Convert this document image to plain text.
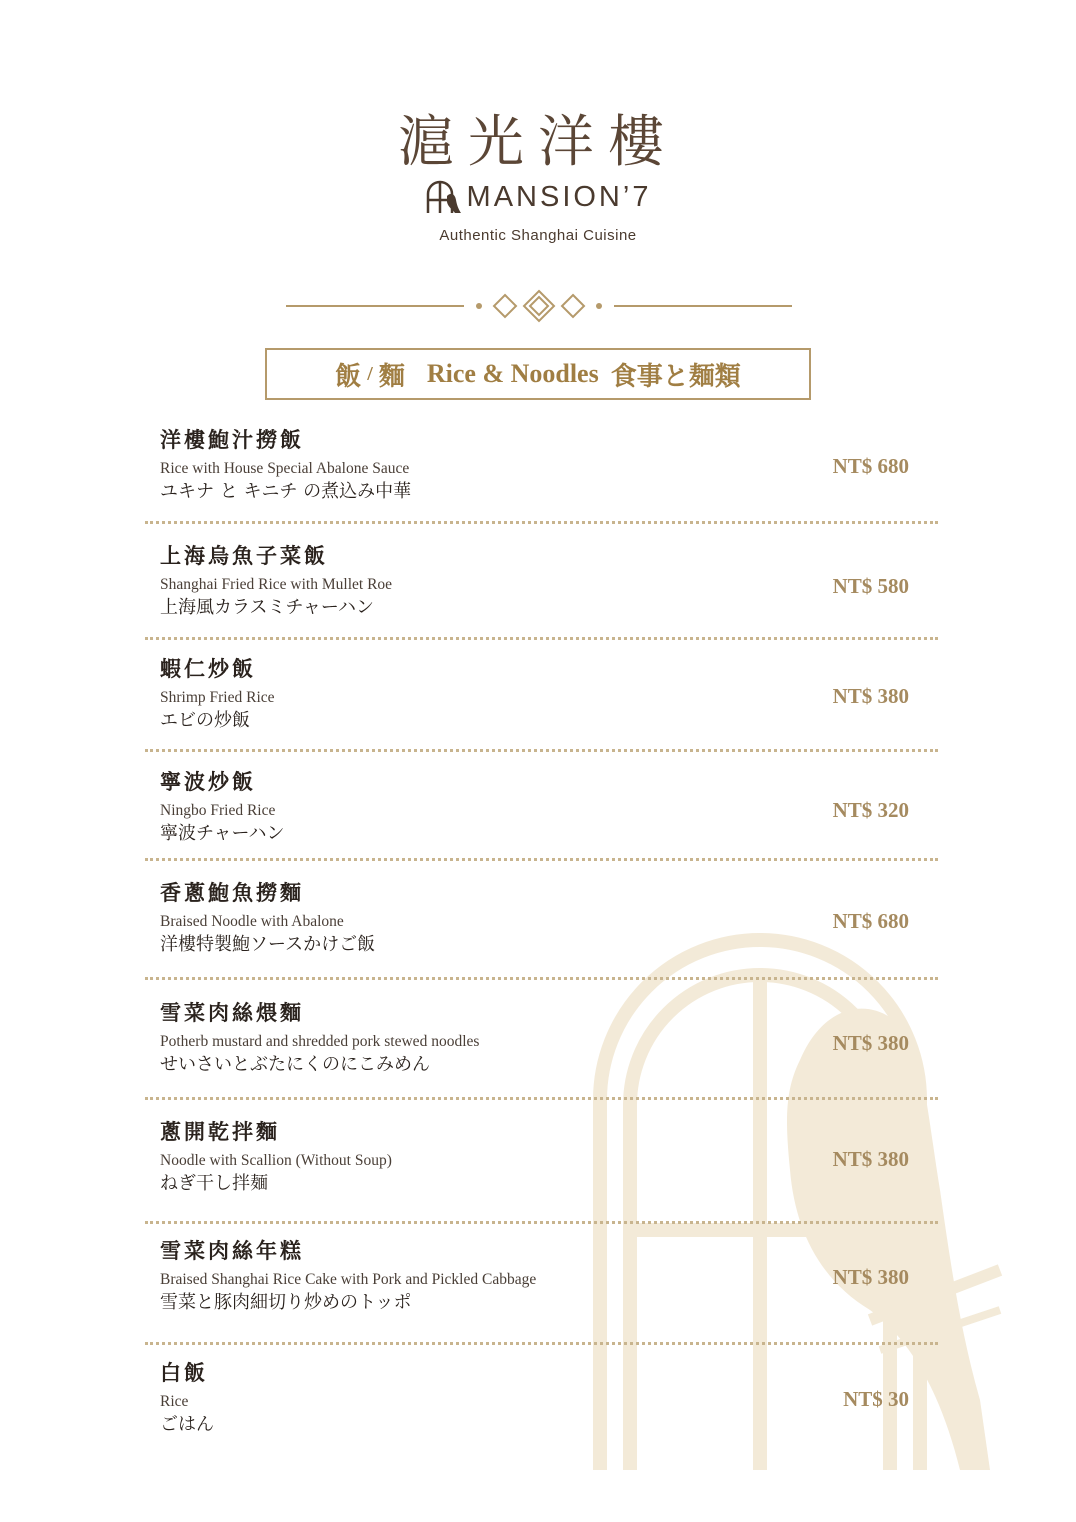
滬光洋樓
MANSION’7
Authentic Shanghai Cuisine
飯 / 麵 Rice & Noodles 食事と麺類
洋樓鮑汁撈飯
Rice with House Special Abalone Sauce
ユキナ と キニチ の煮込み中華
NT$ 680
上海烏魚子菜飯
Shanghai Fried Rice with Mullet Roe
上海風カラスミチャーハン
NT$ 580
蝦仁炒飯
Shrimp Fried Rice
エビの炒飯
NT$ 380
寧波炒飯
Ningbo Fried Rice
寧波チャーハン
NT$ 320
香蔥鮑魚撈麵
Braised Noodle with Abalone
洋樓特製鮑ソースかけご飯
NT$ 680
雪菜肉絲煨麵
Potherb mustard and shredded pork stewed noodles
せいさいとぶたにくのにこみめん
NT$ 380
蔥開乾拌麵
Noodle with Scallion (Without Soup)
ねぎ干し拌麺
NT$ 380
雪菜肉絲年糕
Braised Shanghai Rice Cake with Pork and Pickled Cabbage
雪菜と豚肉細切り炒めのトッポ
NT$ 380
白飯
Rice
ごはん
NT$ 30
